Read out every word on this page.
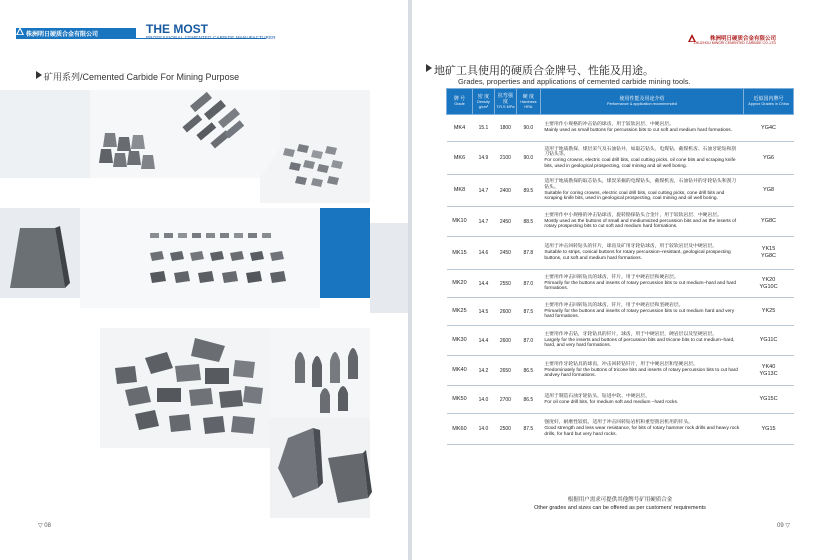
株洲明日硬质合金有限公司	THE MOST
PROFESSIONAL CEMENTED CARBIDE MANUFACTURER
矿用系列/Cemented Carbide For Mining Purpose
▽ 08
株洲明日硬质合金有限公司
ZHUZHOU MINGRI CEMENTED CARBIDE CO.,LTD
地矿工具使用的硬质合金牌号、性能及用途。
Grades, properties and applications of cemented carbide mining tools.
牌 号
Grade	密 度
Density g/cm³	抗弯强度
T.R.S MPa	硬 度
Hardness HRA	使用性能及用途介绍
Performance & application recommended	近似国内牌号
Approx Grades in China

MK4	15.1	1800	90.0	主要用作小规格的冲击钻的球齿，用于较软岩层、中硬岩层。
Mainly used as small buttons for percussion bits to cut soft and medium hard formations.	YG4C
MK6	14.9	2100	90.0	适用于地质勘探、煤层采气及石油钻井，如取芯钻头、电煤钻、截煤机齿、石油牙轮钻和刮刀钻头等。
For coring crowns, electric coal drill bits, coal cutting picks, oil cone bits and scraping knife bits, used in geological prospecting, coal mining and oil well boring.	YG6
MK8	14.7	2400	89.5	适用于地质勘探的取芯钻头，煤炭采掘的电煤钻头，截煤机齿，石油钻井的牙轮钻头和刮刀钻头。
Suitable for coring crowns, electric coal drill bits, coal cutting picks, cone drill bits and scraping knife bits, used in geological prospecting, coal mining and oil well boring.	YG8
MK10	14.7	2450	88.5	主要用作中小规格的冲击钻球齿，旋转勘探钻头合金片，用于较软岩层、中硬岩层。
Mostly used as the buttons of small and mediumsized percussion bits and as the inserts of rotary prospecting bits to cut soft and medium hard formations.	YG8C
MK15	14.6	2450	87.8	适用于冲击回转钻头的钎片，球齿及矿用牙轮钻球齿，用于较软岩层及中硬岩层。
Suitable to strips, conical buttons for rotary percussion–resistant, geological prospecting buttons, cut soft and medium hard formations.	YK15
YG8C
MK20	14.4	2550	87.0	主要用作冲击回转钻具的球齿，钎片，用于中硬岩层和硬岩层。
Primarily for the buttons and inserts of rotary percussion bits to cut medium–hard and hard formations.	YK20
YG10C
MK25	14.5	2600	87.5	主要用作冲击回转钻具的球齿，钎片，用于中硬岩层和坚硬岩层。
Primarily for the buttons and inserts of rotary percussion bits to cut medium hard and very hard formations.	YK25
MK30	14.4	2600	87.0	主要用作冲击钻，牙轮钻具的钎片，球齿，用于中硬岩层，硬岩层以及坚硬岩层。
Largely for the inserts and buttons of percussion bits and tricone bits to cut medium–hard, hard, and very hard formations.	YG11C
MK40	14.2	2650	86.5	主要用作牙轮钻具的球齿，冲击回转钻钎片，用于中硬岩层和坚硬岩层。
Predominately for the buttons of tricone bits and inserts of rotary percussion bits to cut hard andvey hard formations.	YK40
YG13C
MK50	14.0	2700	86.5	适用于制造石油牙轮钻头，钻进中软、中硬岩层。
For oil cone drill bits, for medium soft and medium –hard rocks.	YG15C
MK60	14.0	2500	87.5	强度好，耐磨性较低，适用于冲击回转钻岩机和重型凿岩机用的钎头。
Good strength and less wear resistance, for bits of rotary hammer rock drills and heavy rock drills, for hard but very hard rocks.	YG15
根据用户需求可提供其他牌号矿用硬质合金
Other grades and sizes can be offered as per customers' requirements
09 ▽
